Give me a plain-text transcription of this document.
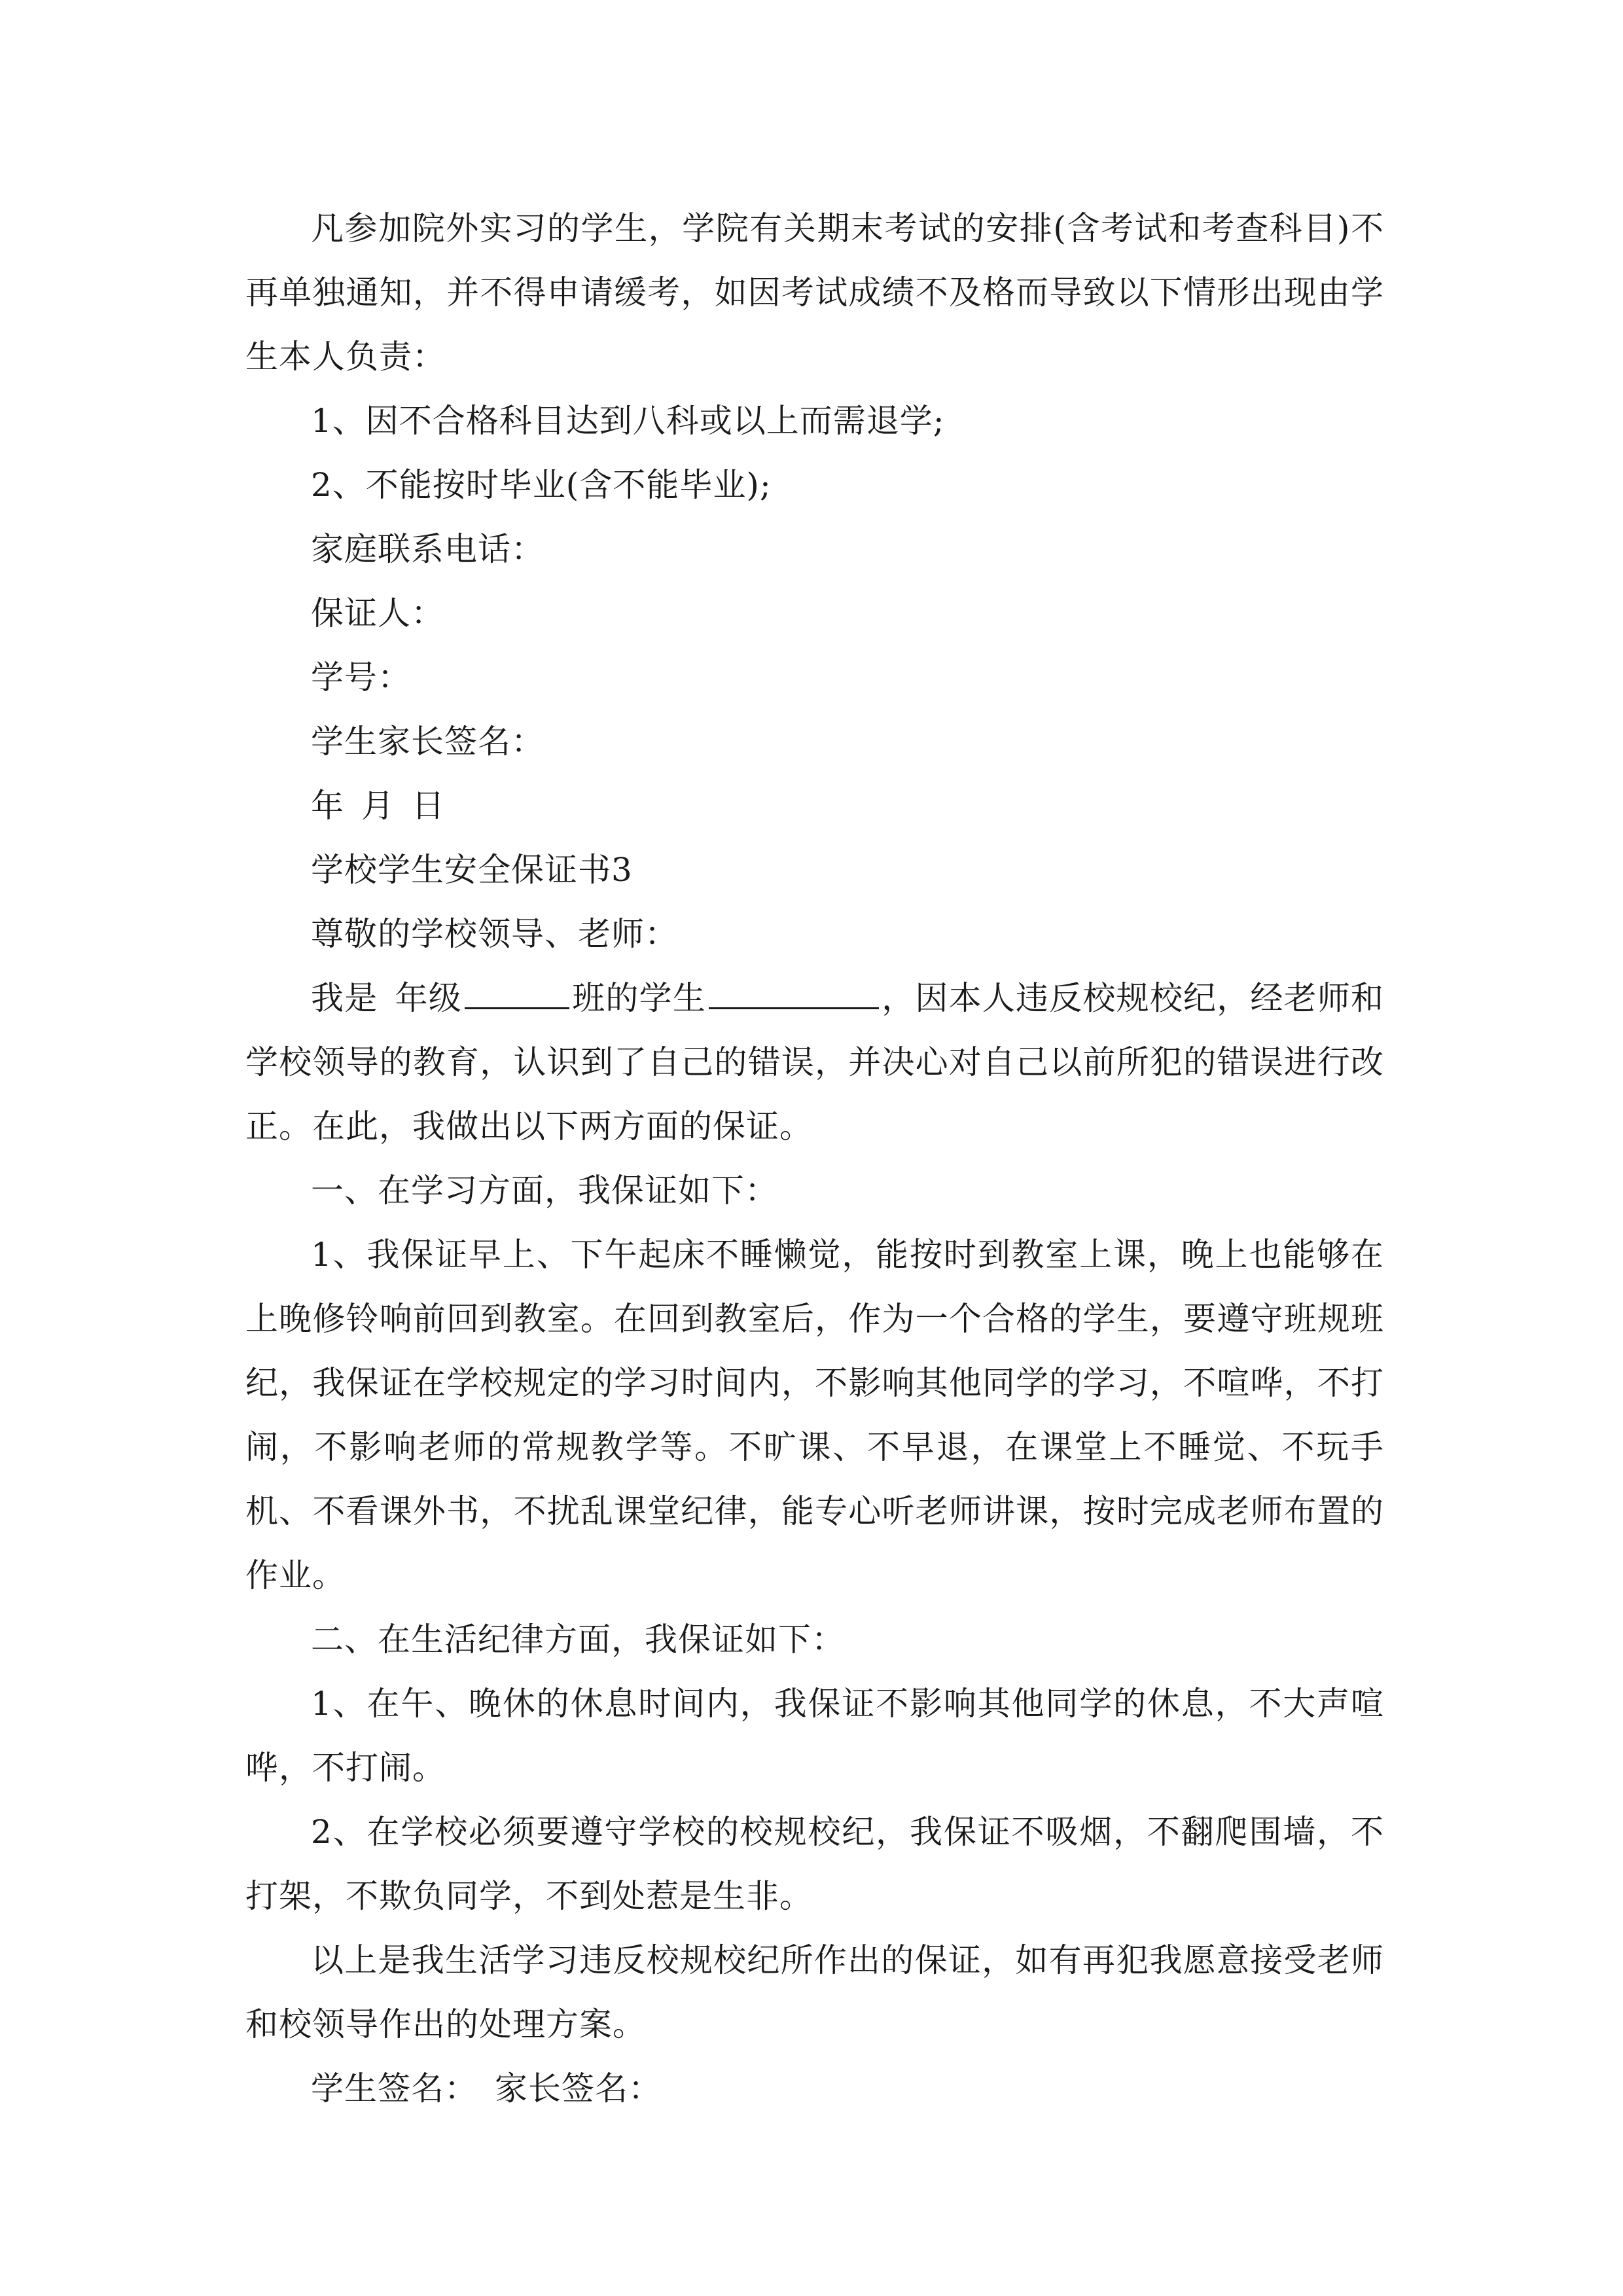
凡参加院外实习的学生，学院有关期末考试的安排(含考试和考查科目)不再单独通知，并不得申请缓考，如因考试成绩不及格而导致以下情形出现由学生本人负责：

1、因不合格科目达到八科或以上而需退学;

2、不能按时毕业(含不能毕业);

家庭联系电话：

保证人：

学号：

学生家长签名：

年 月 日

学校学生安全保证书3

尊敬的学校领导、老师：

我是 年级	班的学生	，因本人违反校规校纪，经老师和学校领导的教育，认识到了自己的错误，并决心对自己以前所犯的错误进行改正。在此，我做出以下两方面的保证。

一、在学习方面，我保证如下：

1、我保证早上、下午起床不睡懒觉，能按时到教室上课，晚上也能够在上晚修铃响前回到教室。在回到教室后，作为一个合格的学生，要遵守班规班纪，我保证在学校规定的学习时间内，不影响其他同学的学习，不喧哗，不打闹，不影响老师的常规教学等。不旷课、不早退，在课堂上不睡觉、不玩手机、不看课外书，不扰乱课堂纪律，能专心听老师讲课，按时完成老师布置的作业。

二、在生活纪律方面，我保证如下：

1、在午、晚休的休息时间内，我保证不影响其他同学的休息，不大声喧哗，不打闹。

2、在学校必须要遵守学校的校规校纪，我保证不吸烟，不翻爬围墙，不打架，不欺负同学，不到处惹是生非。

以上是我生活学习违反校规校纪所作出的保证，如有再犯我愿意接受老师和校领导作出的处理方案。

学生签名： 家长签名：
